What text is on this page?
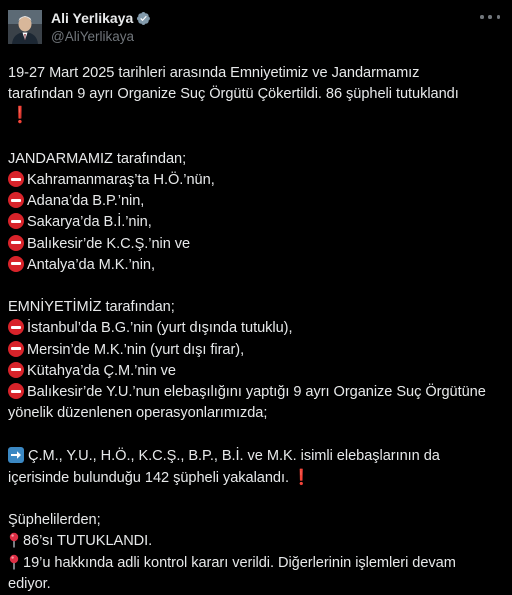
Ali Yerlikaya
@AliYerlikaya
19-27 Mart 2025 tarihleri arasında Emniyetimiz ve Jandarmamız
tarafından 9 ayrı Organize Suç Örgütü Çökertildi. 86 şüpheli tutuklandı
❗
JANDARMAMIZ tarafından;
Kahramanmaraş’ta H.Ö.’nün,
Adana’da B.P.’nin,
Sakarya’da B.İ.’nin,
Balıkesir’de K.C.Ş.’nin ve
Antalya’da M.K.’nin,
EMNİYETİMİZ tarafından;
İstanbul’da B.G.’nin (yurt dışında tutuklu),
Mersin’de M.K.’nin (yurt dışı firar),
Kütahya’da Ç.M.’nin ve
Balıkesir’de Y.U.’nun elebaşılığını yaptığı 9 ayrı Organize Suç Örgütüne
yönelik düzenlenen operasyonlarımızda;
Ç.M., Y.U., H.Ö., K.C.Ş., B.P., B.İ. ve M.K. isimli elebaşlarının da
içerisinde bulunduğu 142 şüpheli yakalandı. ❗
Şüphelilerden;
86’sı TUTUKLANDI.
19’u hakkında adli kontrol kararı verildi. Diğerlerinin işlemleri devam
ediyor.
